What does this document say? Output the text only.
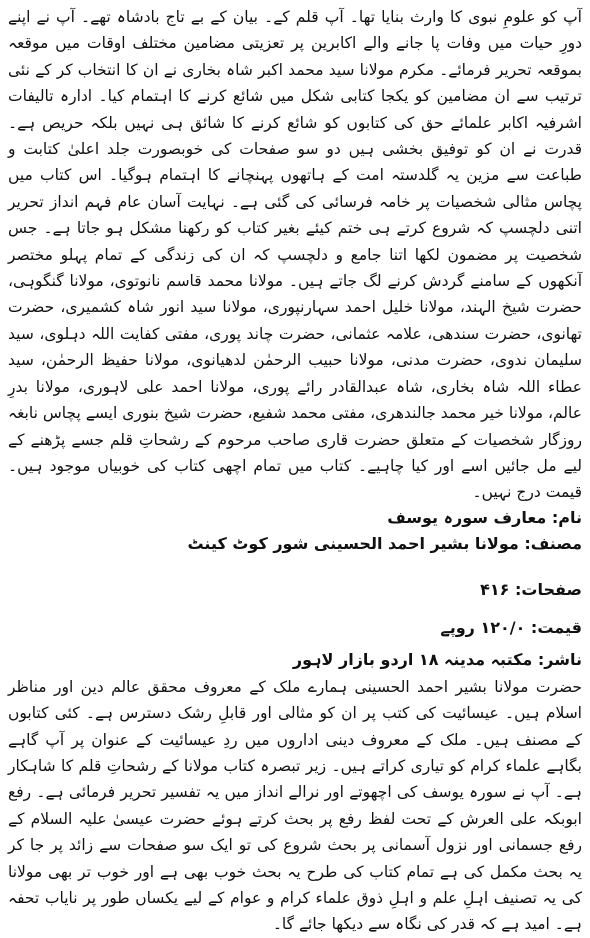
آپ کو علومِ نبوی کا وارث بنایا تھا۔ آپ قلم کے۔ بیان کے بے تاج بادشاہ تھے۔ آپ نے اپنے دورِ حیات میں وفات پا جانے والے اکابرین پر تعزیتی مضامین مختلف اوقات میں موقعہ بموقعہ تحریر فرمائے۔ مکرم مولانا سید محمد اکبر شاہ بخاری نے ان کا انتخاب کر کے نئی ترتیب سے ان مضامین کو یکجا کتابی شکل میں شائع کرنے کا اہتمام کیا۔ ادارہ تالیفات اشرفیہ اکابر علمائے حق کی کتابوں کو شائع کرنے کا شائق ہی نہیں بلکہ حریص ہے۔ قدرت نے ان کو توفیق بخشی ہیں دو سو صفحات کی خوبصورت جلد اعلیٰ کتابت و طباعت سے مزین یہ گلدستہ امت کے ہاتھوں پہنچانے کا اہتمام ہوگیا۔ اس کتاب میں پچاس مثالی شخصیات پر خامہ فرسائی کی گئی ہے۔ نہایت آسان عام فہم انداز تحریر اتنی دلچسپ کہ شروع کرتے ہی ختم کیئے بغیر کتاب کو رکھنا مشکل ہو جاتا ہے۔ جس شخصیت پر مضمون لکھا اتنا جامع و دلچسپ کہ ان کی زندگی کے تمام پہلو مختصر آنکھوں کے سامنے گردش کرنے لگ جاتے ہیں۔ مولانا محمد قاسم نانوتوی، مولانا گنگوہی، حضرت شیخ الہند، مولانا خلیل احمد سہارنپوری، مولانا سید انور شاہ کشمیری، حضرت تھانوی، حضرت سندھی، علامہ عثمانی، حضرت چاند پوری، مفتی کفایت اللہ دہلوی، سید سلیمان ندوی، حضرت مدنی، مولانا حبیب الرحمٰن لدھیانوی، مولانا حفیظ الرحمٰن، سید عطاء اللہ شاہ بخاری، شاہ عبدالقادر رائے پوری، مولانا احمد علی لاہوری، مولانا بدرِ عالم، مولانا خیر محمد جالندھری، مفتی محمد شفیع، حضرت شیخ بنوری ایسے پچاس نابغہ روزگار شخصیات کے متعلق حضرت قاری صاحب مرحوم کے رشحاتِ قلم جسے پڑھنے کے لیے مل جائیں اسے اور کیا چاہیے۔ کتاب میں تمام اچھی کتاب کی خوبیاں موجود ہیں۔ قیمت درج نہیں۔

نام: معارف سورہ یوسف
مصنف: مولانا بشیر احمد الحسینی شور کوٹ کینٹ
صفحات: ۴۱۶
قیمت: ۱۲۰/۰ روپے
ناشر: مکتبہ مدینہ ۱۸ اردو بازار لاہور

حضرت مولانا بشیر احمد الحسینی ہمارے ملک کے معروف محقق عالم دین اور مناظر اسلام ہیں۔ عیسائیت کی کتب پر ان کو مثالی اور قابلِ رشک دسترس ہے۔ کئی کتابوں کے مصنف ہیں۔ ملک کے معروف دینی اداروں میں ردِ عیسائیت کے عنوان پر آپ گاہے بگاہے علماء کرام کو تیاری کراتے ہیں۔ زیر تبصرہ کتاب مولانا کے رشحاتِ قلم کا شاہکار ہے۔ آپ نے سورہ یوسف کی اچھوتے اور نرالے انداز میں یہ تفسیر تحریر فرمائی ہے۔ رفع ابوبکہ علی العرش کے تحت لفظ رفع پر بحث کرتے ہوئے حضرت عیسیٰ علیہ السلام کے رفع جسمانی اور نزول آسمانی پر بحث شروع کی تو ایک سو صفحات سے زائد پر جا کر یہ بحث مکمل کی ہے تمام کتاب کی طرح یہ بحث خوب بھی ہے اور خوب تر بھی مولانا کی یہ تصنیف اہلِ علم و اہلِ ذوق علماء کرام و عوام کے لیے یکساں طور پر نایاب تحفہ ہے۔ امید ہے کہ قدر کی نگاہ سے دیکھا جائے گا۔
